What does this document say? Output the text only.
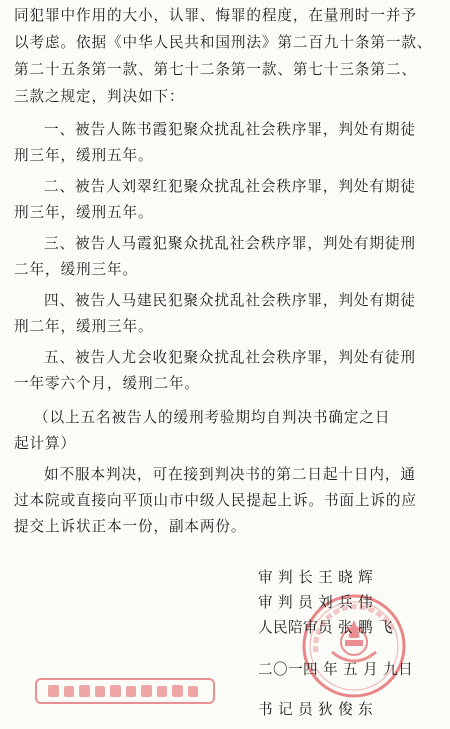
同犯罪中作用的大小，认罪、悔罪的程度，在量刑时一并予
以考虑。依据《中华人民共和国刑法》第二百九十条第一款、
第二十五条第一款、第七十二条第一款、第七十三条第二、
三款之规定，判决如下：
一、被告人陈书霞犯聚众扰乱社会秩序罪，判处有期徒
刑三年，缓刑五年。
二、被告人刘翠红犯聚众扰乱社会秩序罪，判处有期徒
刑三年，缓刑五年。
三、被告人马霞犯聚众扰乱社会秩序罪，判处有期徒刑
二年，缓刑三年。
四、被告人马建民犯聚众扰乱社会秩序罪，判处有期徒
刑二年，缓刑三年。
五、被告人尤会收犯聚众扰乱社会秩序罪，判处有徒刑
一年零六个月，缓刑二年。
（以上五名被告人的缓刑考验期均自判决书确定之日
起计算）
如不服本判决，可在接到判决书的第二日起十日内，通
过本院或直接向平顶山市中级人民提起上诉。书面上诉的应
提交上诉状正本一份，副本两份。
审 判 长 王 晓 辉
审 判 员 刘 兵 伟
人民陪审员 张 鹏 飞
二〇一四 年 五 月 九日
书 记 员 狄 俊 东
